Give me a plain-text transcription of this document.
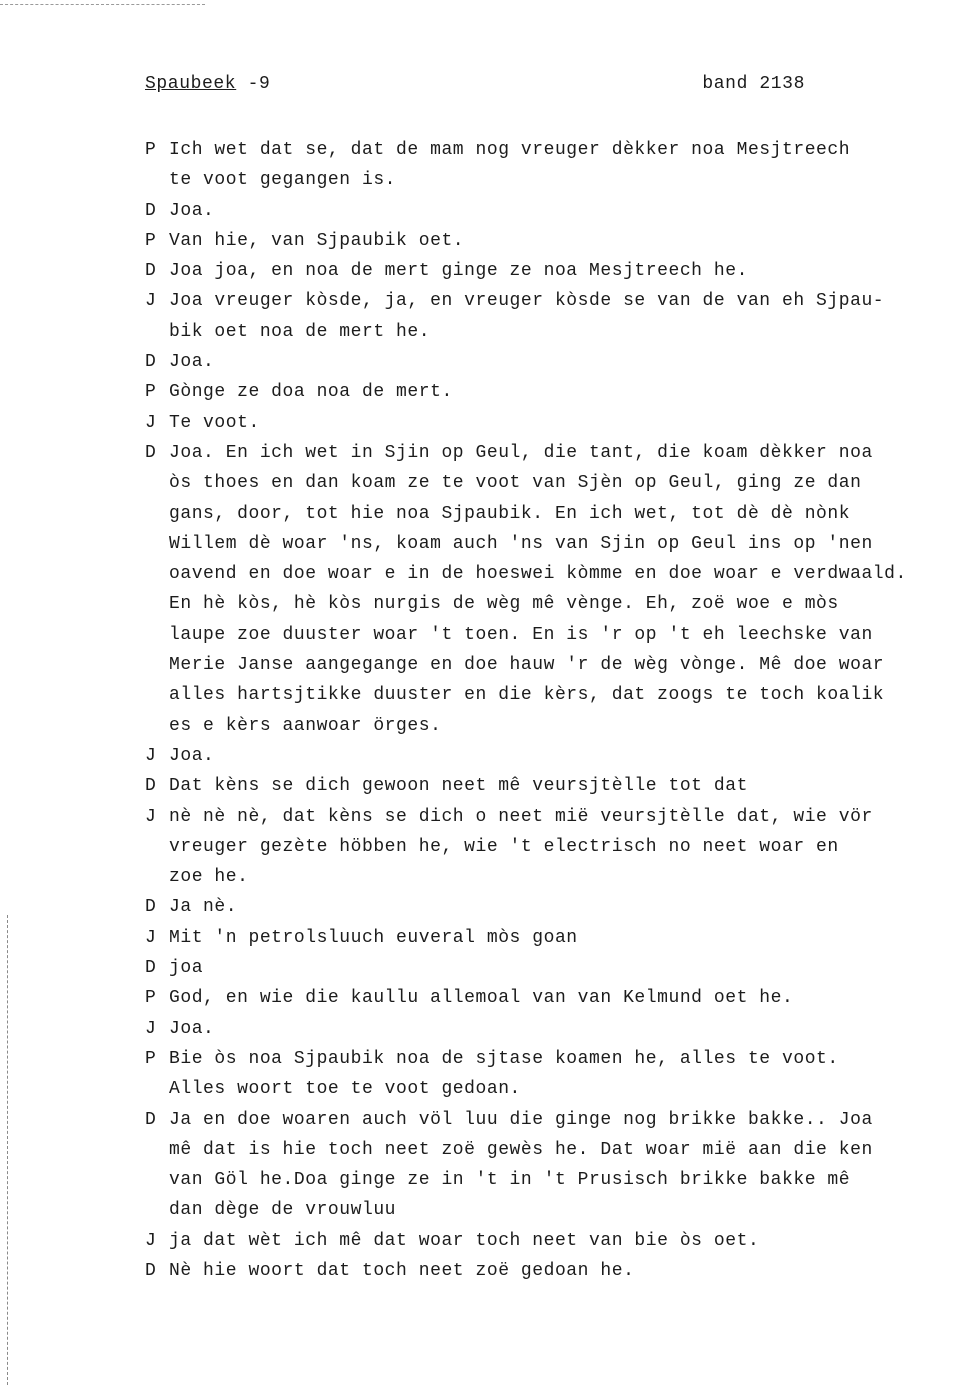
Spaubeek -9	band 2138
P Ich wet dat se, dat de mam nog vreuger dèkker noa Mesjtreech
te voot gegangen is.
D Joa.
P Van hie, van Sjpaubik oet.
D Joa joa, en noa de mert ginge ze noa Mesjtreech he.
J Joa vreuger kòsde, ja, en vreuger kòsde se van de van eh Sjpau-
bik oet noa de mert he.
D Joa.
P Gònge ze doa noa de mert.
J Te voot.
D Joa. En ich wet in Sjin op Geul, die tant, die koam dèkker noa
òs thoes en dan koam ze te voot van Sjèn op Geul, ging ze dan
gans, door, tot hie noa Sjpaubik. En ich wet, tot dè dè nònk
Willem dè woar 'ns, koam auch 'ns van Sjin op Geul ins op 'nen
oavend en doe woar e in de hoeswei kòmme en doe woar e verdwaald.
En hè kòs, hè kòs nurgis de wèg mê vènge. Eh, zoë woe e mòs
laupe zoe duuster woar 't toen. En is 'r op 't eh leechske van
Merie Janse aangegange en doe hauw 'r de wèg vònge. Mê doe woar
alles hartsjtikke duuster en die kèrs, dat zoogs te toch koalik
es e kèrs aanwoar örges.
J Joa.
D Dat kèns se dich gewoon neet mê veursjtèlle tot dat
J nè nè nè, dat kèns se dich o neet mië veursjtèlle dat, wie vör
vreuger gezète höbben he, wie 't electrisch no neet woar en
zoe he.
D Ja nè.
J Mit 'n petrolsluuch euveral mòs goan
D joa
P God, en wie die kaullu allemoal van van Kelmund oet he.
J Joa.
P Bie òs noa Sjpaubik noa de sjtase koamen he, alles te voot.
Alles woort toe te voot gedoan.
D Ja en doe woaren auch völ luu die ginge nog brikke bakke.. Joa
mê dat is hie toch neet zoë gewès he. Dat woar mië aan die ken
van Göl he.Doa ginge ze in 't in 't Prusisch brikke bakke mê
dan dège de vrouwluu
J ja dat wèt ich mê dat woar toch neet van bie òs oet.
D Nè hie woort dat toch neet zoë gedoan he.
